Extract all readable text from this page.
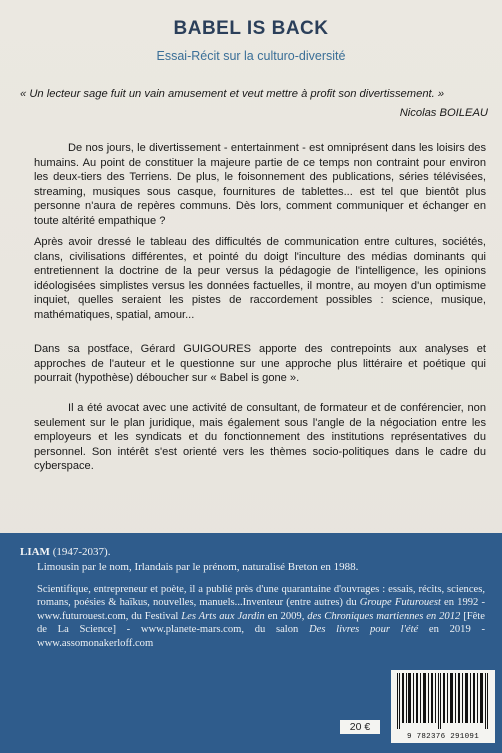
BABEL IS BACK
Essai-Récit sur la culturo-diversité
« Un lecteur sage fuit un vain amusement et veut mettre à profit son divertissement. »
Nicolas BOILEAU
De nos jours, le divertissement - entertainment - est omniprésent dans les loisirs des humains. Au point de constituer la majeure partie de ce temps non contraint pour environ les deux-tiers des Terriens. De plus, le foisonnement des publications, séries télévisées, streaming, musiques sous casque, fournitures de tablettes... est tel que bientôt plus personne n'aura de repères communs. Dès lors, comment communiquer et échanger en toute altérité empathique ?
Après avoir dressé le tableau des difficultés de communication entre cultures, sociétés, clans, civilisations différentes, et pointé du doigt l'inculture des médias dominants qui entretiennent la doctrine de la peur versus la pédagogie de l'intelligence, les opinions idéologisées simplistes versus les données factuelles, il montre, au moyen d'un optimisme inquiet, quelles seraient les pistes de raccordement possibles : science, musique, mathématiques, spatial, amour...
Dans sa postface, Gérard GUIGOURES apporte des contrepoints aux analyses et approches de l'auteur et le questionne sur une approche plus littéraire et poétique qui pourrait (hypothèse) déboucher sur « Babel is gone ».
Il a été avocat avec une activité de consultant, de formateur et de conférencier, non seulement sur le plan juridique, mais également sous l'angle de la négociation entre les employeurs et les syndicats et du fonctionnement des institutions représentatives du personnel. Son intérêt s'est orienté vers les thèmes socio-politiques dans le cadre du cyberspace.
LIAM (1947-2037).
Limousin par le nom, Irlandais par le prénom, naturalisé Breton en 1988.
Scientifique, entrepreneur et poète, il a publié près d'une quarantaine d'ouvrages : essais, récits, sciences, romans, poésies & haïkus, nouvelles, manuels...Inventeur (entre autres) du Groupe Futurouest en 1992 - www.futurouest.com, du Festival Les Arts aux Jardin en 2009, des Chroniques martiennes en 2012 [Fête de La Science] - www.planete-mars.com, du salon Des livres pour l'été en 2019 - www.assomonakerloff.com
20 €
9 782376 291091
